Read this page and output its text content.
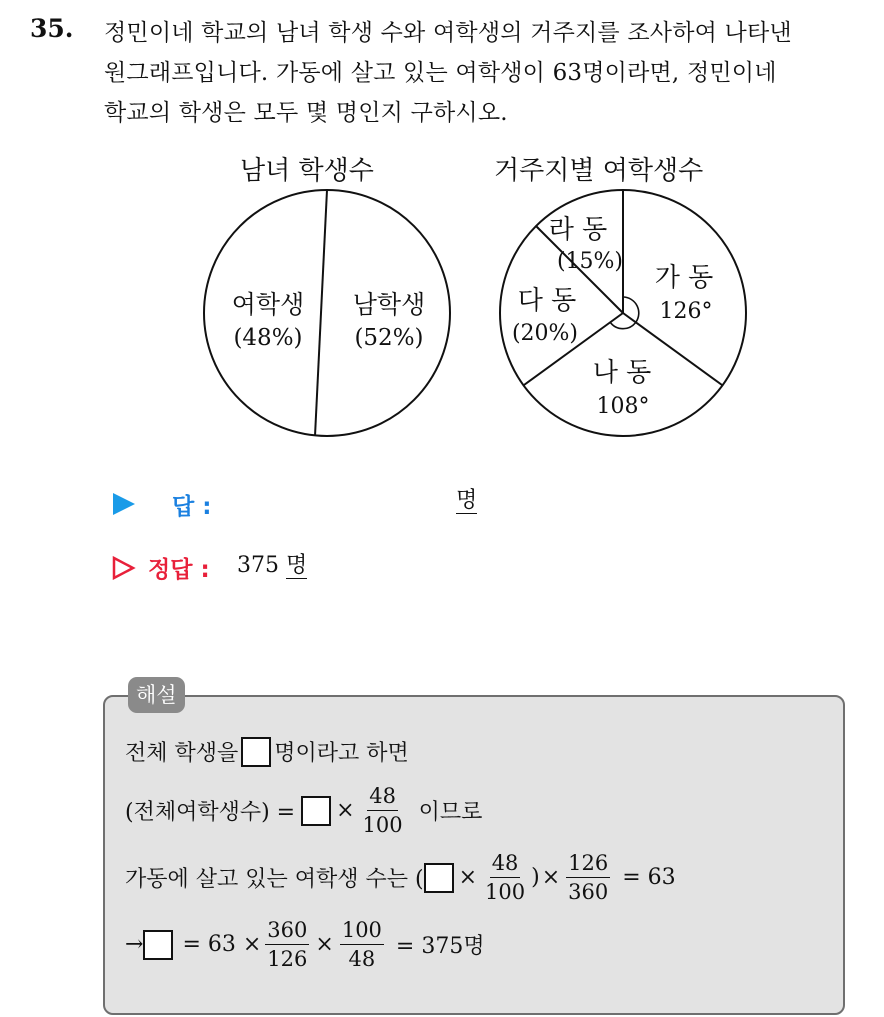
35. 정민이네 학교의 남녀 학생 수와 여학생의 거주지를 조사하여 나타낸
원그래프입니다. 가동에 살고 있는 여학생이 63명이라면, 정민이네
학교의 학생은 모두 몇 명인지 구하시오.
남녀 학생수	거주지별 여학생수
여학생
(48%)
남학생
(52%)
가 동
126°
나 동
108°
다 동
(20%)
라 동
(15%)
답 :	명
정답 : 375 명
해설
전체 학생을 명이라고 하면
(전체여학생수) = × $\frac{48}{100}$ 이므로
가동에 살고 있는 여학생 수는 ( × $\frac{48}{100}$ ) × $\frac{126}{360} = 63$
→ = $63 \times \frac{360}{126} \times \frac{100}{48} = 375$명
